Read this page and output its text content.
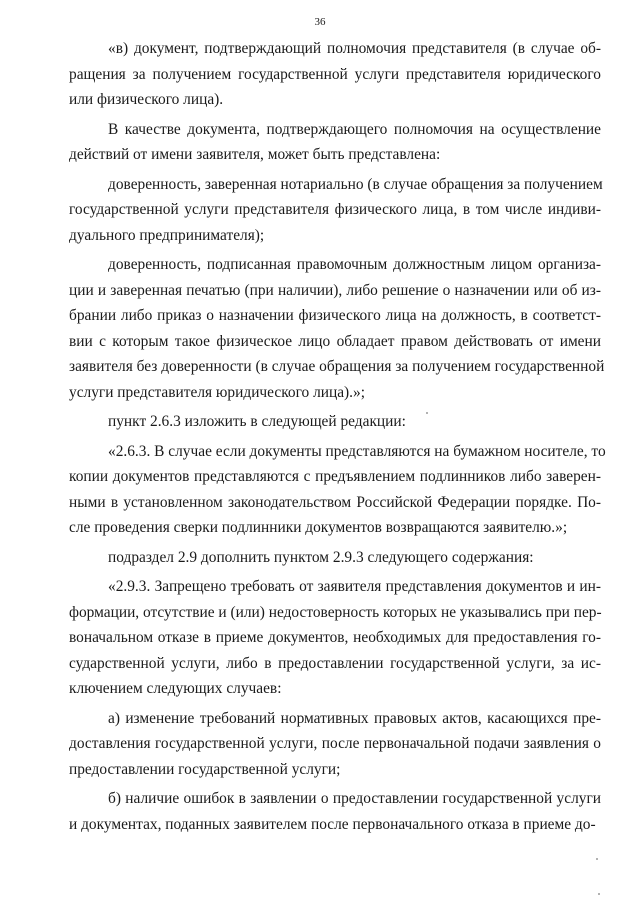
36
«в) документ, подтверждающий полномочия представителя (в случае об-
ращения за получением государственной услуги представителя юридического
или физического лица).
В качестве документа, подтверждающего полномочия на осуществление
действий от имени заявителя, может быть представлена:
доверенность, заверенная нотариально (в случае обращения за получением
государственной услуги представителя физического лица, в том числе индиви-
дуального предпринимателя);
доверенность, подписанная правомочным должностным лицом организа-
ции и заверенная печатью (при наличии), либо решение о назначении или об из-
брании либо приказ о назначении физического лица на должность, в соответст-
вии с которым такое физическое лицо обладает правом действовать от имени
заявителя без доверенности (в случае обращения за получением государственной
услуги представителя юридического лица).»;
пункт 2.6.3 изложить в следующей редакции:
«2.6.3. В случае если документы представляются на бумажном носителе, то
копии документов представляются с предъявлением подлинников либо заверен-
ными в установленном законодательством Российской Федерации порядке. По-
сле проведения сверки подлинники документов возвращаются заявителю.»;
подраздел 2.9 дополнить пунктом 2.9.3 следующего содержания:
«2.9.3. Запрещено требовать от заявителя представления документов и ин-
формации, отсутствие и (или) недостоверность которых не указывались при пер-
воначальном отказе в приеме документов, необходимых для предоставления го-
сударственной услуги, либо в предоставлении государственной услуги, за ис-
ключением следующих случаев:
а) изменение требований нормативных правовых актов, касающихся пре-
доставления государственной услуги, после первоначальной подачи заявления о
предоставлении государственной услуги;
б) наличие ошибок в заявлении о предоставлении государственной услуги
и документах, поданных заявителем после первоначального отказа в приеме до-
